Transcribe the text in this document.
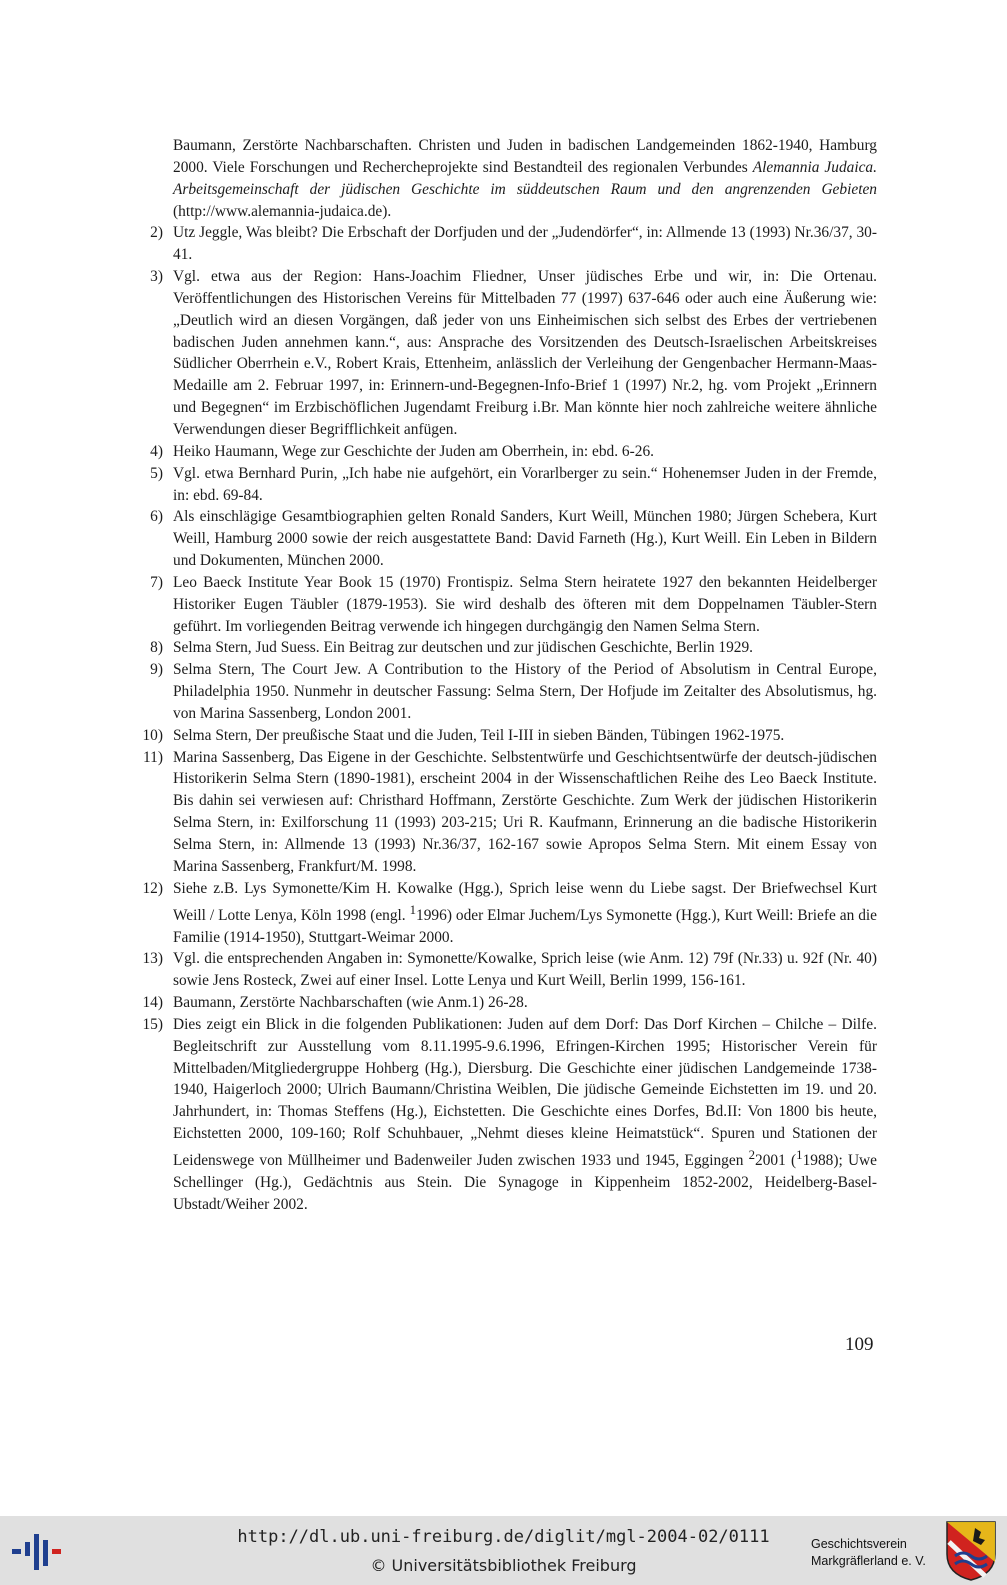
Baumann, Zerstörte Nachbarschaften. Christen und Juden in badischen Landgemeinden 1862-1940, Hamburg 2000. Viele Forschungen und Rechercheprojekte sind Bestandteil des regionalen Verbundes Alemannia Judaica. Arbeitsgemeinschaft der jüdischen Geschichte im süddeutschen Raum und den angrenzenden Gebieten (http://www.alemannia-judaica.de).
2) Utz Jeggle, Was bleibt? Die Erbschaft der Dorfjuden und der „Judendörfer“, in: Allmende 13 (1993) Nr.36/37, 30-41.
3) Vgl. etwa aus der Region: Hans-Joachim Fliedner, Unser jüdisches Erbe und wir, in: Die Ortenau. Veröffentlichungen des Historischen Vereins für Mittelbaden 77 (1997) 637-646 oder auch eine Äußerung wie: „Deutlich wird an diesen Vorgängen, daß jeder von uns Einheimischen sich selbst des Erbes der vertriebenen badischen Juden annehmen kann.“, aus: Ansprache des Vorsitzenden des Deutsch-Israelischen Arbeitskreises Südlicher Oberrhein e.V., Robert Krais, Ettenheim, anlässlich der Verleihung der Gengenbacher Hermann-Maas-Medaille am 2. Februar 1997, in: Erinnern-und-Begegnen-Info-Brief 1 (1997) Nr.2, hg. vom Projekt „Erinnern und Begegnen“ im Erzbischöflichen Jugendamt Freiburg i.Br. Man könnte hier noch zahlreiche weitere ähnliche Verwendungen dieser Begrifflichkeit anfügen.
4) Heiko Haumann, Wege zur Geschichte der Juden am Oberrhein, in: ebd. 6-26.
5) Vgl. etwa Bernhard Purin, „Ich habe nie aufgehört, ein Vorarlberger zu sein.“ Hohenemser Juden in der Fremde, in: ebd. 69-84.
6) Als einschlägige Gesamtbiographien gelten Ronald Sanders, Kurt Weill, München 1980; Jürgen Schebera, Kurt Weill, Hamburg 2000 sowie der reich ausgestattete Band: David Farneth (Hg.), Kurt Weill. Ein Leben in Bildern und Dokumenten, München 2000.
7) Leo Baeck Institute Year Book 15 (1970) Frontispiz. Selma Stern heiratete 1927 den bekannten Heidelberger Historiker Eugen Täubler (1879-1953). Sie wird deshalb des öfteren mit dem Doppelnamen Täubler-Stern geführt. Im vorliegenden Beitrag verwende ich hingegen durchgängig den Namen Selma Stern.
8) Selma Stern, Jud Suess. Ein Beitrag zur deutschen und zur jüdischen Geschichte, Berlin 1929.
9) Selma Stern, The Court Jew. A Contribution to the History of the Period of Absolutism in Central Europe, Philadelphia 1950. Nunmehr in deutscher Fassung: Selma Stern, Der Hofjude im Zeitalter des Absolutismus, hg. von Marina Sassenberg, London 2001.
10) Selma Stern, Der preußische Staat und die Juden, Teil I-III in sieben Bänden, Tübingen 1962-1975.
11) Marina Sassenberg, Das Eigene in der Geschichte. Selbstentwürfe und Geschichtsentwürfe der deutsch-jüdischen Historikerin Selma Stern (1890-1981), erscheint 2004 in der Wissenschaftlichen Reihe des Leo Baeck Institute. Bis dahin sei verwiesen auf: Christhard Hoffmann, Zerstörte Geschichte. Zum Werk der jüdischen Historikerin Selma Stern, in: Exilforschung 11 (1993) 203-215; Uri R. Kaufmann, Erinnerung an die badische Historikerin Selma Stern, in: Allmende 13 (1993) Nr.36/37, 162-167 sowie Apropos Selma Stern. Mit einem Essay von Marina Sassenberg, Frankfurt/M. 1998.
12) Siehe z.B. Lys Symonette/Kim H. Kowalke (Hgg.), Sprich leise wenn du Liebe sagst. Der Briefwechsel Kurt Weill / Lotte Lenya, Köln 1998 (engl. $^1$1996) oder Elmar Juchem/Lys Symonette (Hgg.), Kurt Weill: Briefe an die Familie (1914-1950), Stuttgart-Weimar 2000.
13) Vgl. die entsprechenden Angaben in: Symonette/Kowalke, Sprich leise (wie Anm. 12) 79f (Nr.33) u. 92f (Nr. 40) sowie Jens Rosteck, Zwei auf einer Insel. Lotte Lenya und Kurt Weill, Berlin 1999, 156-161.
14) Baumann, Zerstörte Nachbarschaften (wie Anm.1) 26-28.
15) Dies zeigt ein Blick in die folgenden Publikationen: Juden auf dem Dorf: Das Dorf Kirchen – Chilche – Dilfe. Begleitschrift zur Ausstellung vom 8.11.1995-9.6.1996, Efringen-Kirchen 1995; Historischer Verein für Mittelbaden/Mitgliedergruppe Hohberg (Hg.), Diersburg. Die Geschichte einer jüdischen Landgemeinde 1738-1940, Haigerloch 2000; Ulrich Baumann/Christina Weiblen, Die jüdische Gemeinde Eichstetten im 19. und 20. Jahrhundert, in: Thomas Steffens (Hg.), Eichstetten. Die Geschichte eines Dorfes, Bd.II: Von 1800 bis heute, Eichstetten 2000, 109-160; Rolf Schuhbauer, „Nehmt dieses kleine Heimatstück“. Spuren und Stationen der Leidenswege von Müllheimer und Badenweiler Juden zwischen 1933 und 1945, Eggingen $^2$2001 ($^1$1988); Uwe Schellinger (Hg.), Gedächtnis aus Stein. Die Synagoge in Kippenheim 1852-2002, Heidelberg-Basel-Ubstadt/Weiher 2002.
109
http://dl.ub.uni-freiburg.de/diglit/mgl-2004-02/0111
© Universitätsbibliothek Freiburg
Geschichtsverein
Markgräflerland e. V.
